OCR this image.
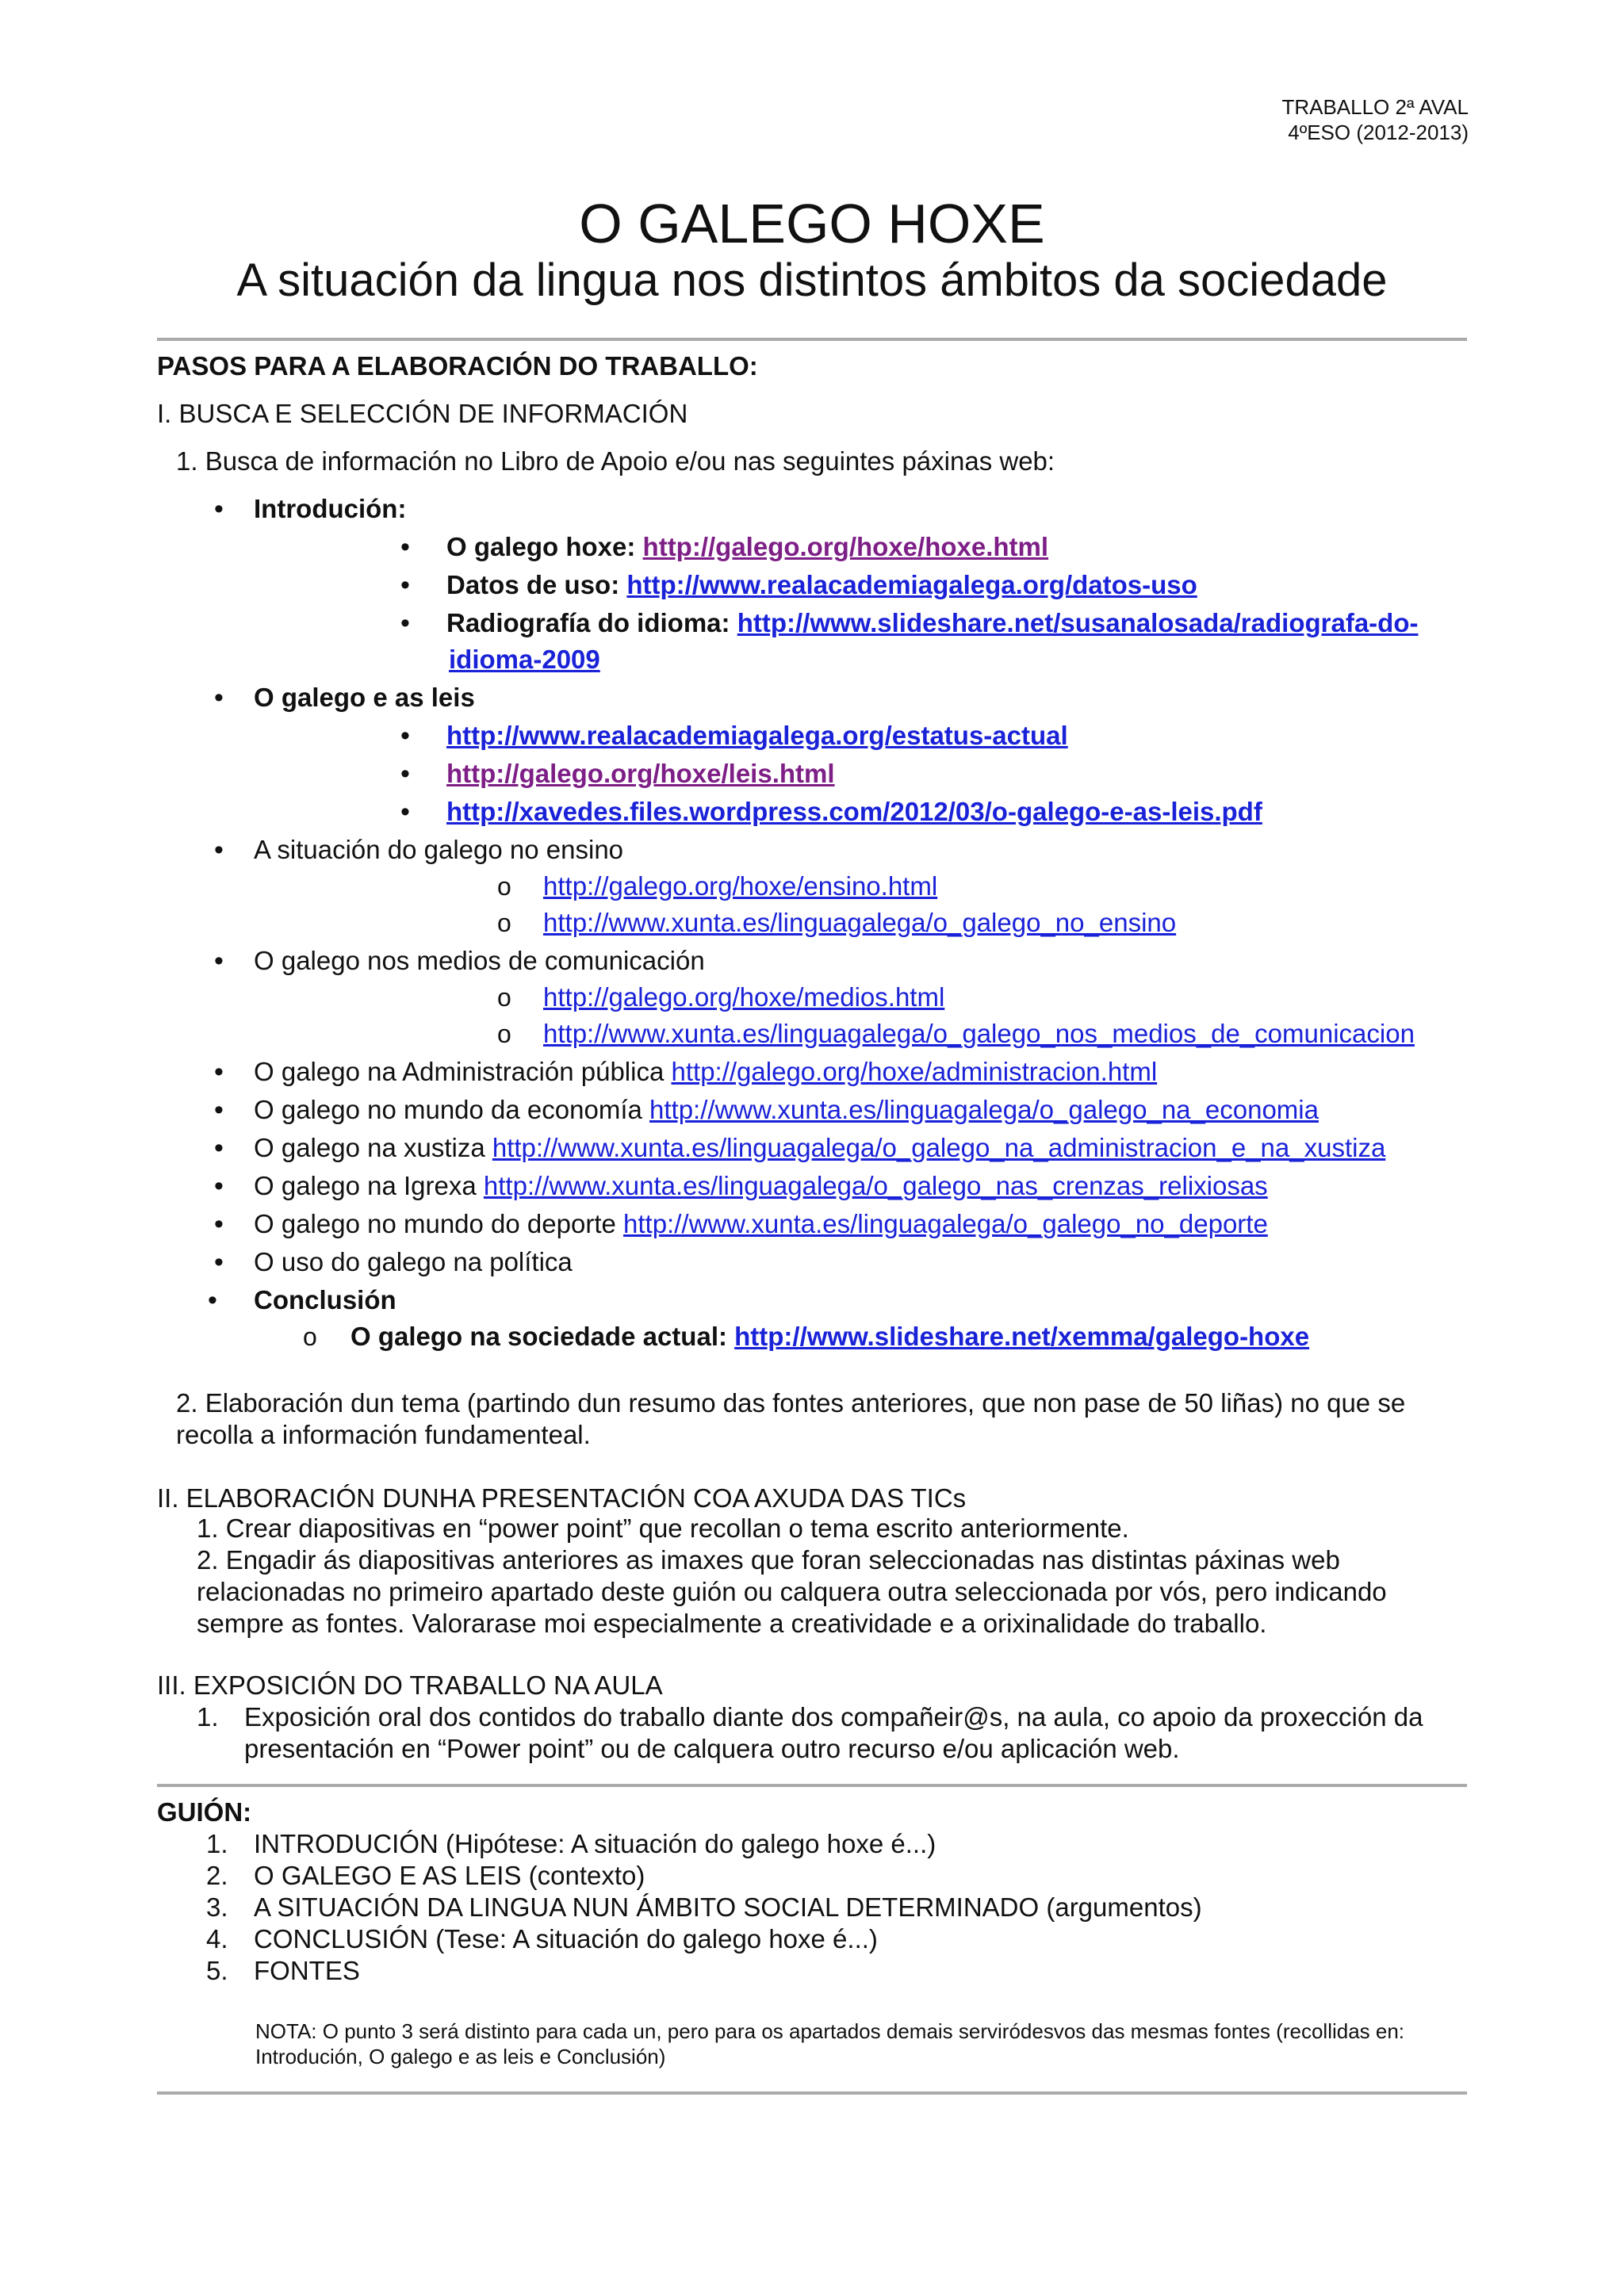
TRABALLO 2ª AVAL
4ºESO (2012-2013)
O GALEGO HOXE
A situación da lingua nos distintos ámbitos da sociedade
PASOS PARA A ELABORACIÓN DO TRABALLO:
I. BUSCA E SELECCIÓN DE INFORMACIÓN
1. Busca de información no Libro de Apoio e/ou nas seguintes páxinas web:
• Introdución:
• O galego hoxe: http://galego.org/hoxe/hoxe.html
• Datos de uso: http://www.realacademiagalega.org/datos-uso
• Radiografía do idioma: http://www.slideshare.net/susanalosada/radiografa-do-
idioma-2009
• O galego e as leis
• http://www.realacademiagalega.org/estatus-actual
• http://galego.org/hoxe/leis.html
• http://xavedes.files.wordpress.com/2012/03/o-galego-e-as-leis.pdf
• A situación do galego no ensino
o http://galego.org/hoxe/ensino.html
o http://www.xunta.es/linguagalega/o_galego_no_ensino
• O galego nos medios de comunicación
o http://galego.org/hoxe/medios.html
o http://www.xunta.es/linguagalega/o_galego_nos_medios_de_comunicacion
• O galego na Administración pública http://galego.org/hoxe/administracion.html
• O galego no mundo da economía http://www.xunta.es/linguagalega/o_galego_na_economia
• O galego na xustiza http://www.xunta.es/linguagalega/o_galego_na_administracion_e_na_xustiza
• O galego na Igrexa http://www.xunta.es/linguagalega/o_galego_nas_crenzas_relixiosas
• O galego no mundo do deporte http://www.xunta.es/linguagalega/o_galego_no_deporte
• O uso do galego na política
• Conclusión
o O galego na sociedade actual: http://www.slideshare.net/xemma/galego-hoxe
2. Elaboración dun tema (partindo dun resumo das fontes anteriores, que non pase de 50 liñas) no que se recolla a información fundamenteal.
II. ELABORACIÓN DUNHA PRESENTACIÓN COA AXUDA DAS TICs
1. Crear diapositivas en “power point” que recollan o tema escrito anteriormente.
2. Engadir ás diapositivas anteriores as imaxes que foran seleccionadas nas distintas páxinas web relacionadas no primeiro apartado deste guión ou calquera outra seleccionada por vós, pero indicando sempre as fontes. Valorarase moi especialmente a creatividade e a orixinalidade do traballo.
III. EXPOSICIÓN DO TRABALLO NA AULA
1. Exposición oral dos contidos do traballo diante dos compañeir@s, na aula, co apoio da proxección da presentación en “Power point” ou de calquera outro recurso e/ou aplicación web.
GUIÓN:
1. INTRODUCIÓN (Hipótese: A situación do galego hoxe é...)
2. O GALEGO E AS LEIS (contexto)
3. A SITUACIÓN DA LINGUA NUN ÁMBITO SOCIAL DETERMINADO (argumentos)
4. CONCLUSIÓN (Tese: A situación do galego hoxe é...)
5. FONTES
NOTA: O punto 3 será distinto para cada un, pero para os apartados demais serviródesvos das mesmas fontes (recollidas en: Introdución, O galego e as leis e Conclusión)
